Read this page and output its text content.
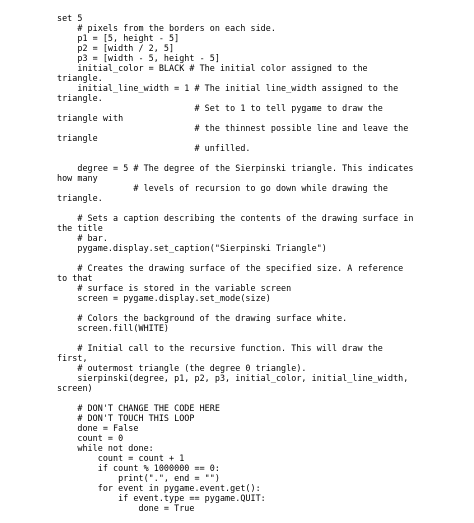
set 5
# pixels from the borders on each side.
p1 = [5, height - 5]
p2 = [width / 2, 5]
p3 = [width - 5, height - 5]
initial_color = BLACK # The initial color assigned to the
triangle.
initial_line_width = 1 # The initial line_width assigned to the
triangle.
# Set to 1 to tell pygame to draw the
triangle with
# the thinnest possible line and leave the
triangle
# unfilled.
degree = 5 # The degree of the Sierpinski triangle. This indicates
how many
# levels of recursion to go down while drawing the
triangle.
# Sets a caption describing the contents of the drawing surface in
the title
# bar.
pygame.display.set_caption("Sierpinski Triangle")
# Creates the drawing surface of the specified size. A reference
to that
# surface is stored in the variable screen
screen = pygame.display.set_mode(size)
# Colors the background of the drawing surface white.
screen.fill(WHITE)
# Initial call to the recursive function. This will draw the
first,
# outermost triangle (the degree 0 triangle).
sierpinski(degree, p1, p2, p3, initial_color, initial_line_width,
screen)
# DON'T CHANGE THE CODE HERE
# DON'T TOUCH THIS LOOP
done = False
count = 0
while not done:
count = count + 1
if count % 1000000 == 0:
print(".", end = "")
for event in pygame.event.get():
if event.type == pygame.QUIT:
done = True
